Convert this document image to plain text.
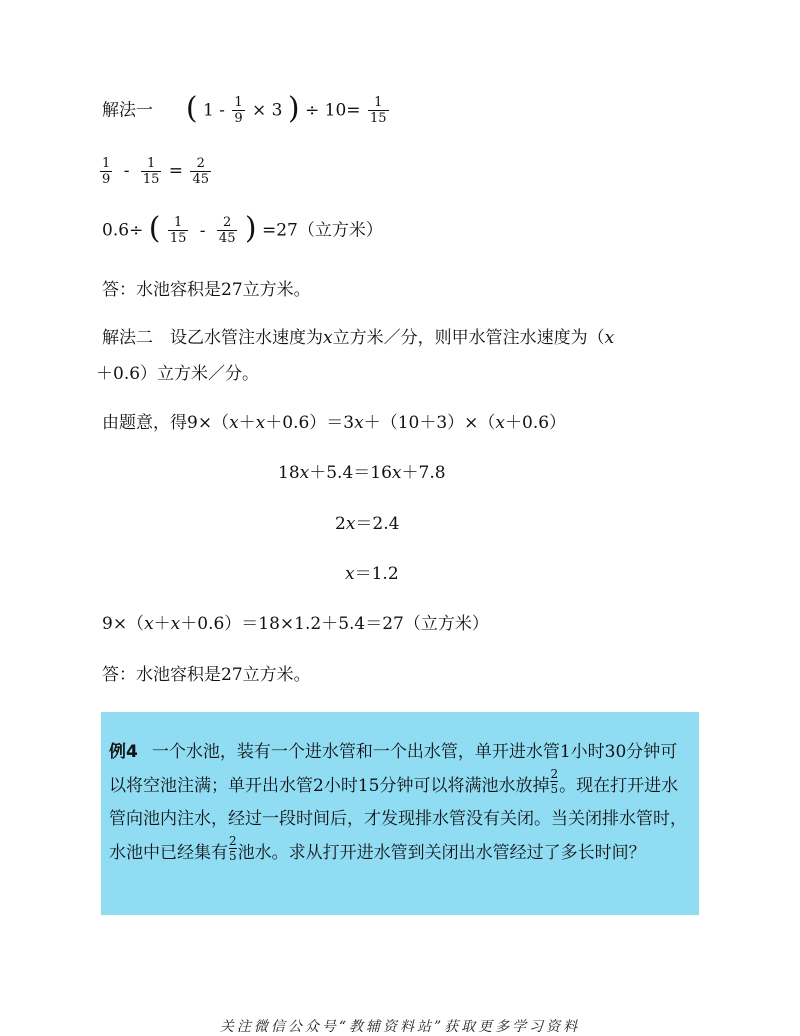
解法一 ( $1 - \frac{1}{9} \times 3$ ) ÷ $10= \frac{1}{15}$
$\frac{1}{9} - \frac{1}{15} = \frac{2}{45}$
0.6÷ ( $\frac{1}{15} - \frac{2}{45}$ ) =27（立方米）
答：水池容积是27立方米。
解法二　设乙水管注水速度为x立方米／分，则甲水管注水速度为（x
＋0.6）立方米／分。
由题意，得9×（x＋x＋0.6）＝3x＋（10＋3）×（x＋0.6）
18x＋5.4＝16x＋7.8
2x＝2.4
x＝1.2
9×（x＋x＋0.6）＝18×1.2＋5.4＝27（立方米）
答：水池容积是27立方米。
例4 一个水池，装有一个进水管和一个出水管，单开进水管1小时30分钟可以将空池注满；单开出水管2小时15分钟可以将满池水放掉 $\frac{2}{5}$ 。现在打开进水管向池内注水，经过一段时间后，才发现排水管没有关闭。当关闭排水管时，水池中已经集有 $\frac{2}{5}$ 池水。求从打开进水管到关闭出水管经过了多长时间？
关注微信公众号“教辅资料站”获取更多学习资料
